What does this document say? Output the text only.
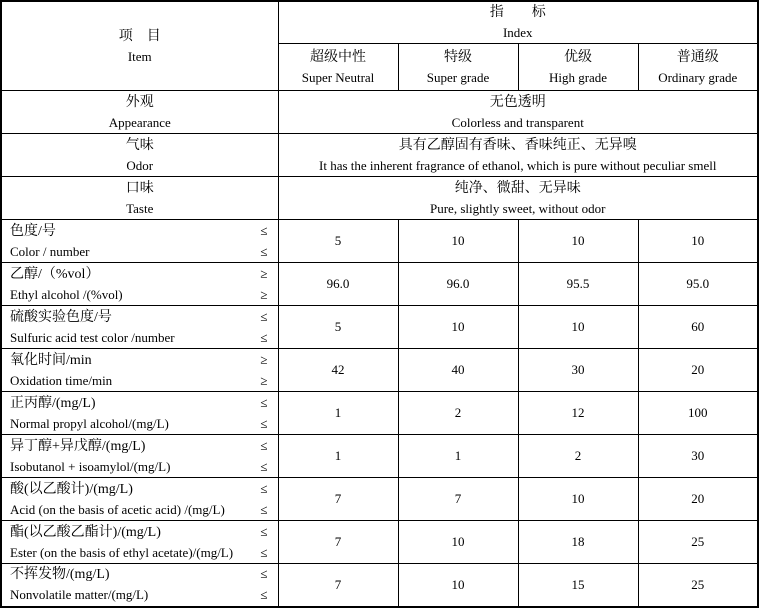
项　目
Item	指　　标
Index			

	超级中性
Super Neutral	特级
Super grade	优级
High grade	普通级
Ordinary grade

外观
Appearance	无色透明
Colorless and transparent			

气味
Odor	具有乙醇固有香味、香味纯正、无异嗅
It has the inherent fragrance of ethanol, which is pure without peculiar smell			

口味
Taste	纯净、微甜、无异味
Pure, slightly sweet, without odor			

色度/号 ≤
Color / number ≤	5	10	10	10

乙醇/（%vol） ≥
Ethyl alcohol /(%vol) ≥	96.0	96.0	95.5	95.0

硫酸实验色度/号 ≤
Sulfuric acid test color /number ≤	5	10	10	60

氧化时间/min ≥
Oxidation time/min ≥	42	40	30	20

正丙醇/(mg/L) ≤
Normal propyl alcohol/(mg/L) ≤	1	2	12	100

异丁醇+异戊醇/(mg/L) ≤
Isobutanol + isoamylol/(mg/L) ≤	1	1	2	30

酸(以乙酸计)/(mg/L) ≤
Acid (on the basis of acetic acid) /(mg/L) ≤	7	7	10	20

酯(以乙酸乙酯计)/(mg/L) ≤
Ester (on the basis of ethyl acetate)/(mg/L) ≤	7	10	18	25

不挥发物/(mg/L) ≤
Nonvolatile matter/(mg/L) ≤	7	10	15	25
